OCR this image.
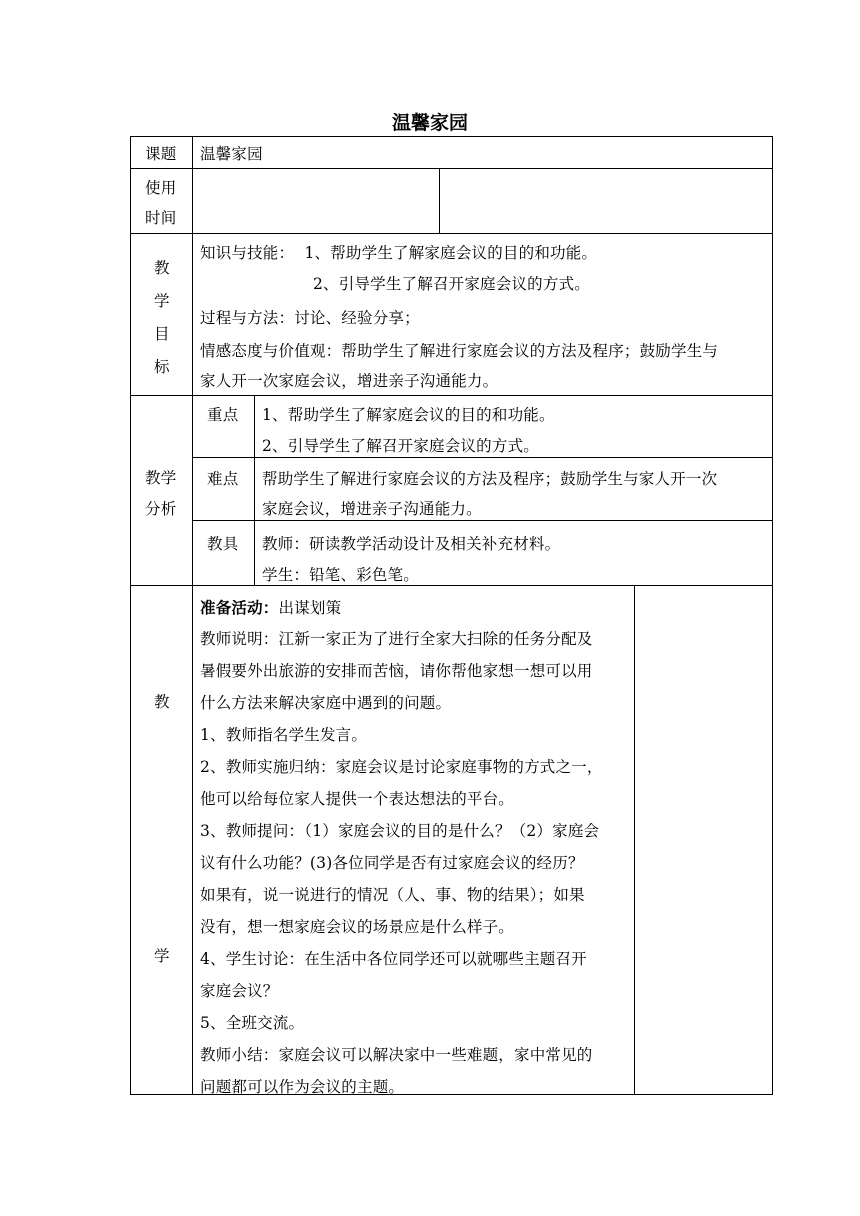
温馨家园
课题 温馨家园
使用
时间
教
学
目
标
知识与技能：  1、帮助学生了解家庭会议的目的和功能。
2、引导学生了解召开家庭会议的方式。
过程与方法：讨论、经验分享；
情感态度与价值观：帮助学生了解进行家庭会议的方法及程序；鼓励学生与
家人开一次家庭会议，增进亲子沟通能力。
教学
分析
重点 1、帮助学生了解家庭会议的目的和功能。
2、引导学生了解召开家庭会议的方式。
难点 帮助学生了解进行家庭会议的方法及程序；鼓励学生与家人开一次
家庭会议，增进亲子沟通能力。
教具 教师：研读教学活动设计及相关补充材料。
学生：铅笔、彩色笔。
教
学
准备活动：出谋划策
教师说明：江新一家正为了进行全家大扫除的任务分配及
暑假要外出旅游的安排而苦恼，请你帮他家想一想可以用
什么方法来解决家庭中遇到的问题。
1、教师指名学生发言。
2、教师实施归纳：家庭会议是讨论家庭事物的方式之一，
他可以给每位家人提供一个表达想法的平台。
3、教师提问：（1）家庭会议的目的是什么？（2）家庭会
议有什么功能？(3)各位同学是否有过家庭会议的经历？
如果有，说一说进行的情况（人、事、物的结果）；如果
没有，想一想家庭会议的场景应是什么样子。
4、学生讨论：在生活中各位同学还可以就哪些主题召开
家庭会议？
5、全班交流。
教师小结：家庭会议可以解决家中一些难题，家中常见的
问题都可以作为会议的主题。
